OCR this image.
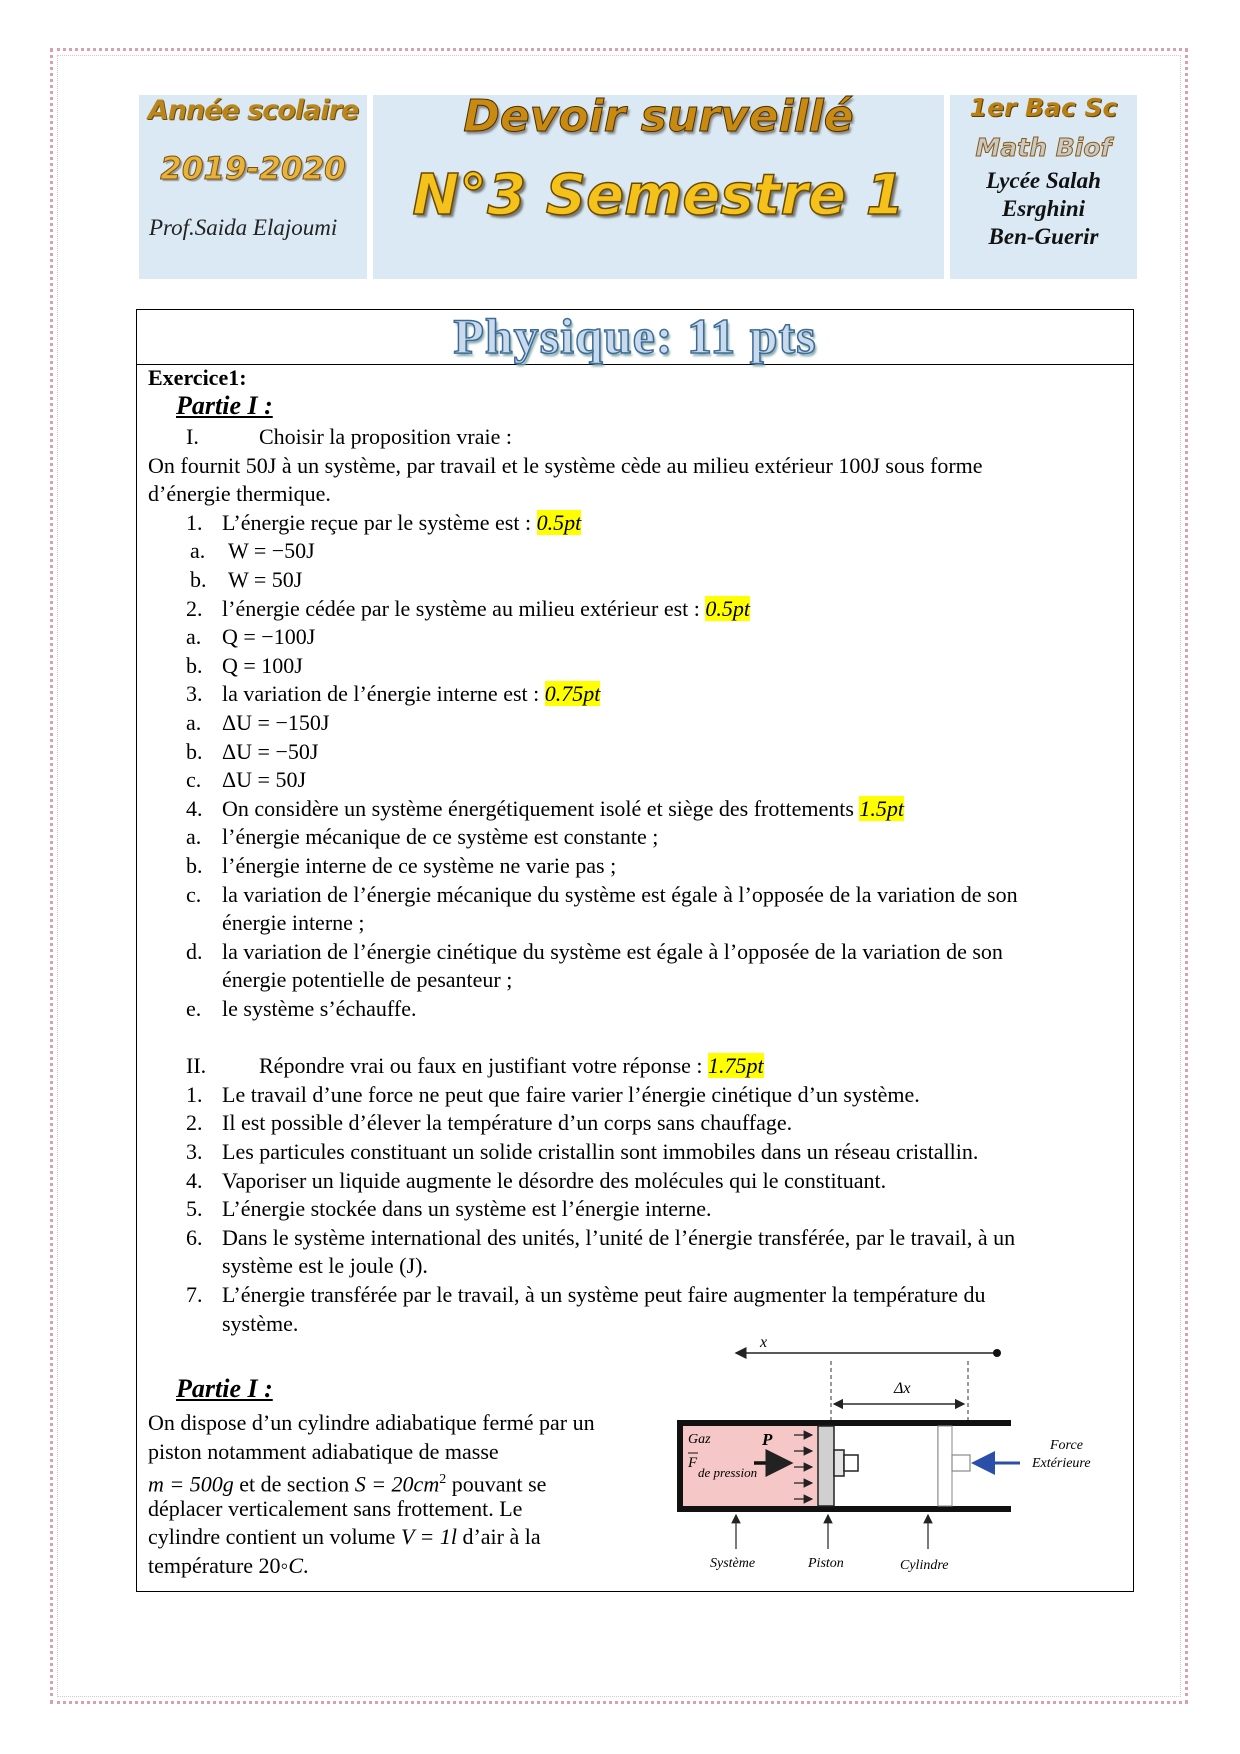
Année scolaire
2019-2020
Prof.Saida Elajoumi
Devoir surveillé
N°3 Semestre 1
1er Bac Sc
Math Biof
Lycée Salah
Esrghini
Ben-Guerir
Physique: 11 pts
Exercice1:
Partie I :
I.	Choisir la proposition vraie :
On fournit 50J à un système, par travail et le système cède au milieu extérieur 100J sous forme
d’énergie thermique.
1. L’énergie reçue par le système est : 0.5pt
a. W = −50J
b. W = 50J
2. l’énergie cédée par le système au milieu extérieur est : 0.5pt
a. Q = −100J
b. Q = 100J
3. la variation de l’énergie interne est : 0.75pt
a. ΔU = −150J
b. ΔU = −50J
c. ΔU = 50J
4. On considère un système énergétiquement isolé et siège des frottements 1.5pt
a. l’énergie mécanique de ce système est constante ;
b. l’énergie interne de ce système ne varie pas ;
c. la variation de l’énergie mécanique du système est égale à l’opposée de la variation de son
énergie interne ;
d. la variation de l’énergie cinétique du système est égale à l’opposée de la variation de son
énergie potentielle de pesanteur ;
e. le système s’échauffe.
II. Répondre vrai ou faux en justifiant votre réponse : 1.75pt
1. Le travail d’une force ne peut que faire varier l’énergie cinétique d’un système.
2. Il est possible d’élever la température d’un corps sans chauffage.
3. Les particules constituant un solide cristallin sont immobiles dans un réseau cristallin.
4. Vaporiser un liquide augmente le désordre des molécules qui le constituant.
5. L’énergie stockée dans un système est l’énergie interne.
6. Dans le système international des unités, l’unité de l’énergie transférée, par le travail, à un
système est le joule (J).
7. L’énergie transférée par le travail, à un système peut faire augmenter la température du
système.
Partie I :
On dispose d’un cylindre adiabatique fermé par un
piston notamment adiabatique de masse
m = 500g et de section $S = 20cm^2$ pouvant se
déplacer verticalement sans frottement. Le
cylindre contient un volume V = 1l d’air à la
température 20◦C.
x
Δx
Gaz	P
F
de pression
Force
Extérieure
Système	Piston	Cylindre
